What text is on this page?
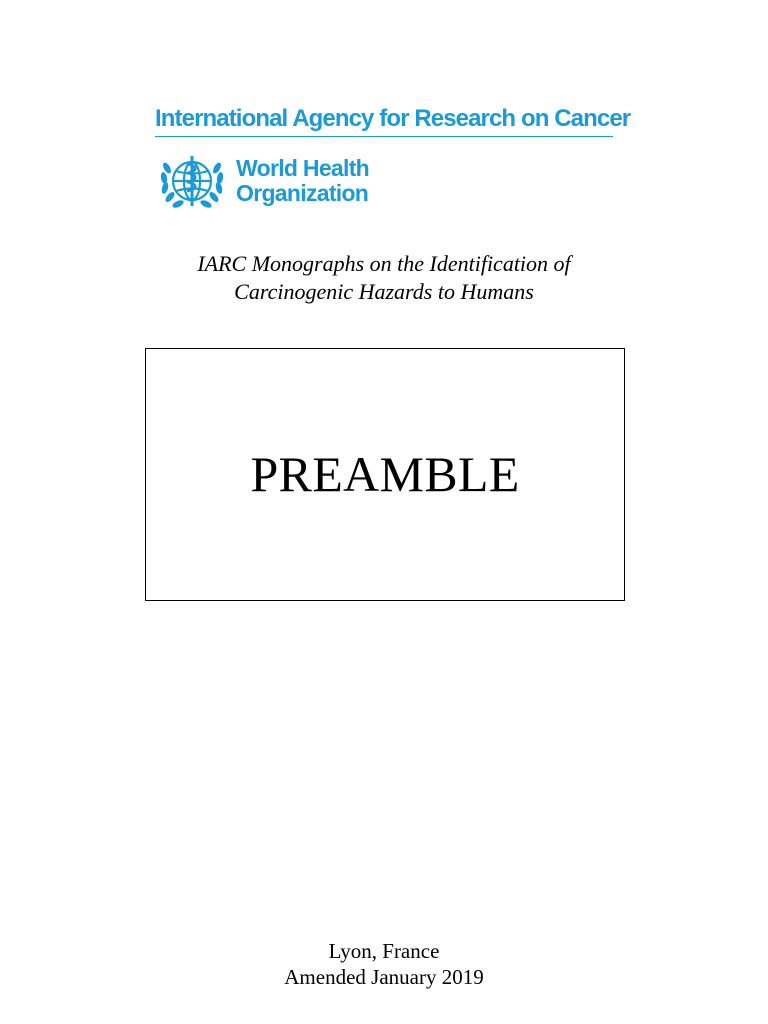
International Agency for Research on Cancer
World Health
Organization
IARC Monographs on the Identification of
Carcinogenic Hazards to Humans
PREAMBLE
Lyon, France
Amended January 2019
